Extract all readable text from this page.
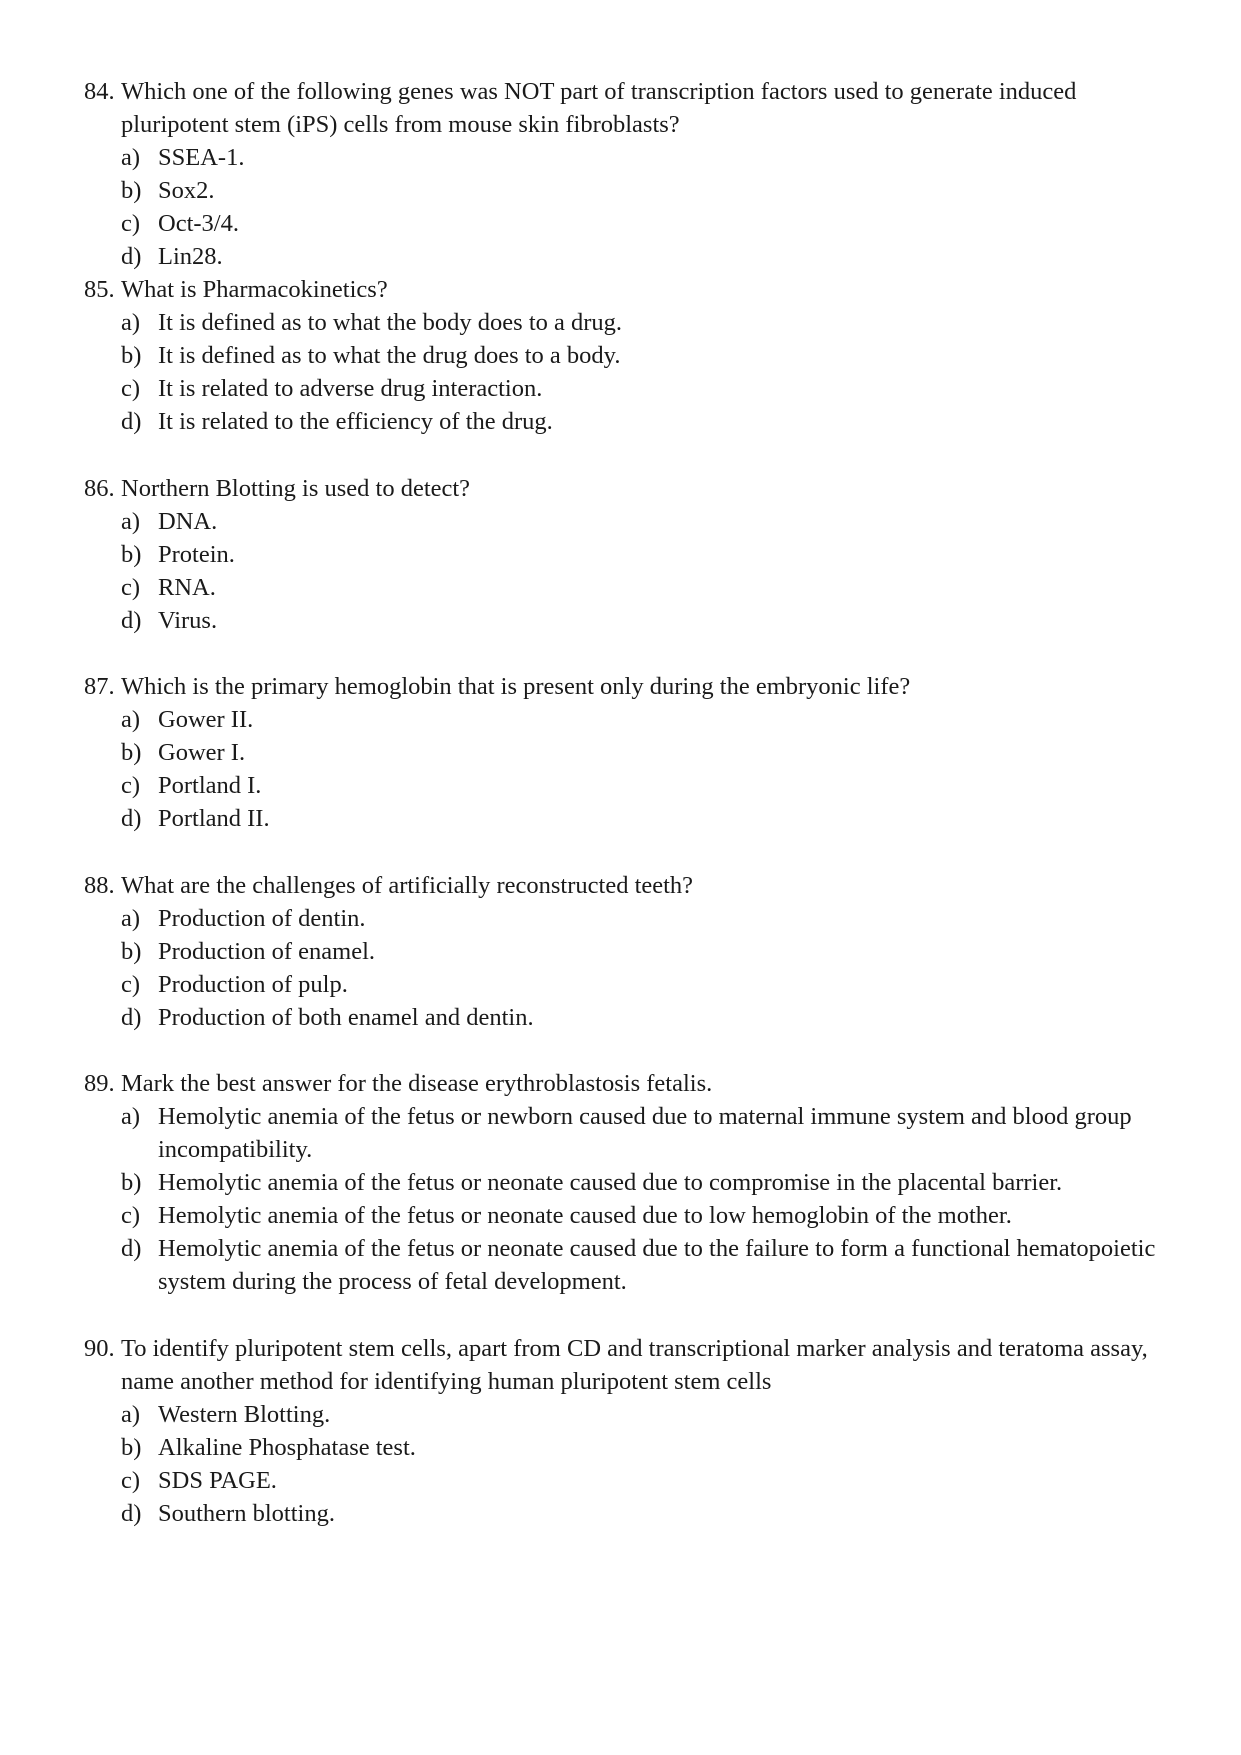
84. Which one of the following genes was NOT part of transcription factors used to generate induced pluripotent stem (iPS) cells from mouse skin fibroblasts?
a) SSEA-1.
b) Sox2.
c) Oct-3/4.
d) Lin28.
85. What is Pharmacokinetics?
a) It is defined as to what the body does to a drug.
b) It is defined as to what the drug does to a body.
c) It is related to adverse drug interaction.
d) It is related to the efficiency of the drug.
86. Northern Blotting is used to detect?
a) DNA.
b) Protein.
c) RNA.
d) Virus.
87. Which is the primary hemoglobin that is present only during the embryonic life?
a) Gower II.
b) Gower I.
c) Portland I.
d) Portland II.
88. What are the challenges of artificially reconstructed teeth?
a) Production of dentin.
b) Production of enamel.
c) Production of pulp.
d) Production of both enamel and dentin.
89. Mark the best answer for the disease erythroblastosis fetalis.
a) Hemolytic anemia of the fetus or newborn caused due to maternal immune system and blood group incompatibility.
b) Hemolytic anemia of the fetus or neonate caused due to compromise in the placental barrier.
c) Hemolytic anemia of the fetus or neonate caused due to low hemoglobin of the mother.
d) Hemolytic anemia of the fetus or neonate caused due to the failure to form a functional hematopoietic system during the process of fetal development.
90. To identify pluripotent stem cells, apart from CD and transcriptional marker analysis and teratoma assay, name another method for identifying human pluripotent stem cells
a) Western Blotting.
b) Alkaline Phosphatase test.
c) SDS PAGE.
d) Southern blotting.
